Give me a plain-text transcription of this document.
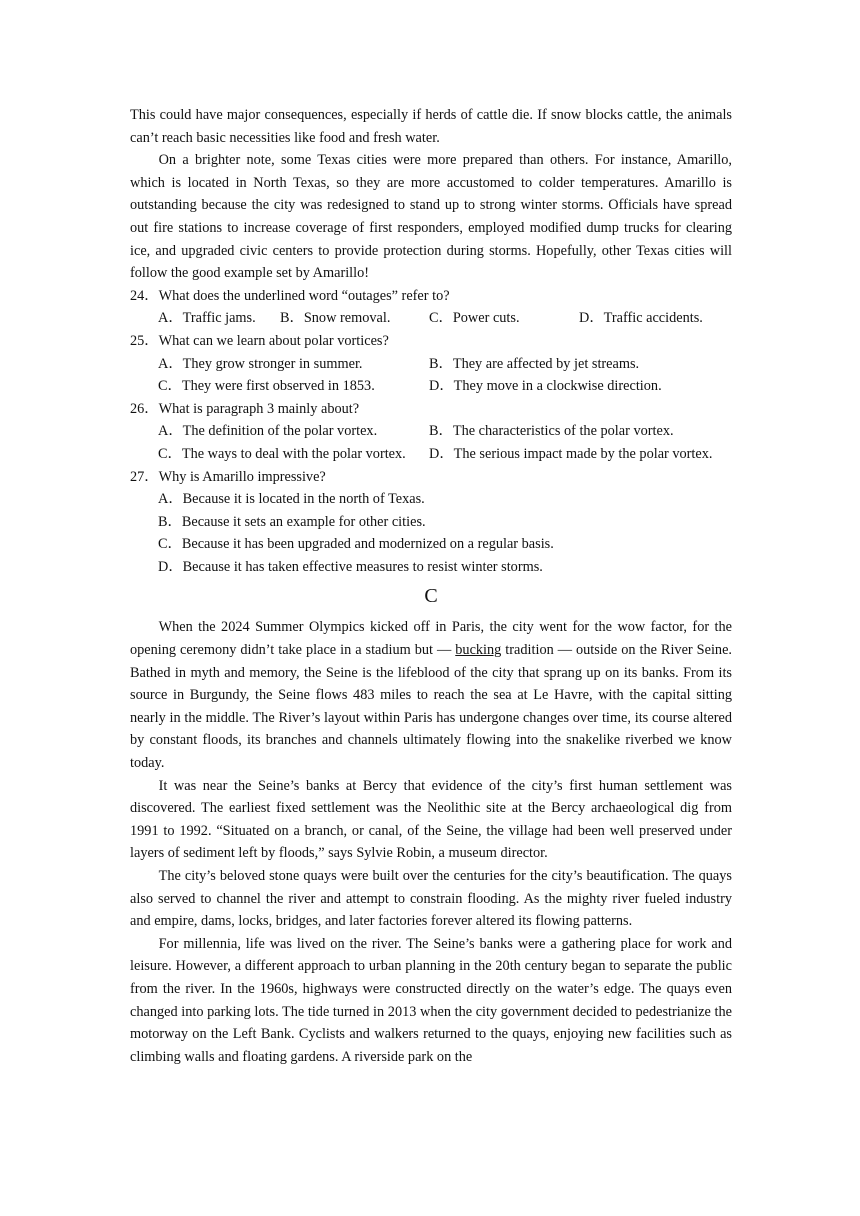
This could have major consequences, especially if herds of cattle die. If snow blocks cattle, the animals can’t reach basic necessities like food and fresh water.

On a brighter note, some Texas cities were more prepared than others. For instance, Amarillo, which is located in North Texas, so they are more accustomed to colder temperatures. Amarillo is outstanding because the city was redesigned to stand up to strong winter storms. Officials have spread out fire stations to increase coverage of first responders, employed modified dump trucks for clearing ice, and upgraded civic centers to provide protection during storms. Hopefully, other Texas cities will follow the good example set by Amarillo!

24．What does the underlined word “outages” refer to?

A．Traffic jams. B．Snow removal.	C．Power cuts.	D．Traffic accidents.

25．What can we learn about polar vortices?

A．They grow stronger in summer.	B．They are affected by jet streams.

C．They were first observed in 1853.	D．They move in a clockwise direction.

26．What is paragraph 3 mainly about?

A．The definition of the polar vortex.	B．The characteristics of the polar vortex.

C．The ways to deal with the polar vortex. D．The serious impact made by the polar vortex.

27．Why is Amarillo impressive?

A．Because it is located in the north of Texas.

B．Because it sets an example for other cities.

C．Because it has been upgraded and modernized on a regular basis.

D．Because it has taken effective measures to resist winter storms.

C

When the 2024 Summer Olympics kicked off in Paris, the city went for the wow factor, for the opening ceremony didn’t take place in a stadium but — bucking tradition — outside on the River Seine. Bathed in myth and memory, the Seine is the lifeblood of the city that sprang up on its banks. From its source in Burgundy, the Seine flows 483 miles to reach the sea at Le Havre, with the capital sitting nearly in the middle. The River’s layout within Paris has undergone changes over time, its course altered by constant floods, its branches and channels ultimately flowing into the snakelike riverbed we know today.

It was near the Seine’s banks at Bercy that evidence of the city’s first human settlement was discovered. The earliest fixed settlement was the Neolithic site at the Bercy archaeological dig from 1991 to 1992. “Situated on a branch, or canal, of the Seine, the village had been well preserved under layers of sediment left by floods,” says Sylvie Robin, a museum director.

The city’s beloved stone quays were built over the centuries for the city’s beautification. The quays also served to channel the river and attempt to constrain flooding. As the mighty river fueled industry and empire, dams, locks, bridges, and later factories forever altered its flowing patterns.

For millennia, life was lived on the river. The Seine’s banks were a gathering place for work and leisure. However, a different approach to urban planning in the 20th century began to separate the public from the river. In the 1960s, highways were constructed directly on the water’s edge. The quays even changed into parking lots. The tide turned in 2013 when the city government decided to pedestrianize the motorway on the Left Bank. Cyclists and walkers returned to the quays, enjoying new facilities such as climbing walls and floating gardens. A riverside park on the
